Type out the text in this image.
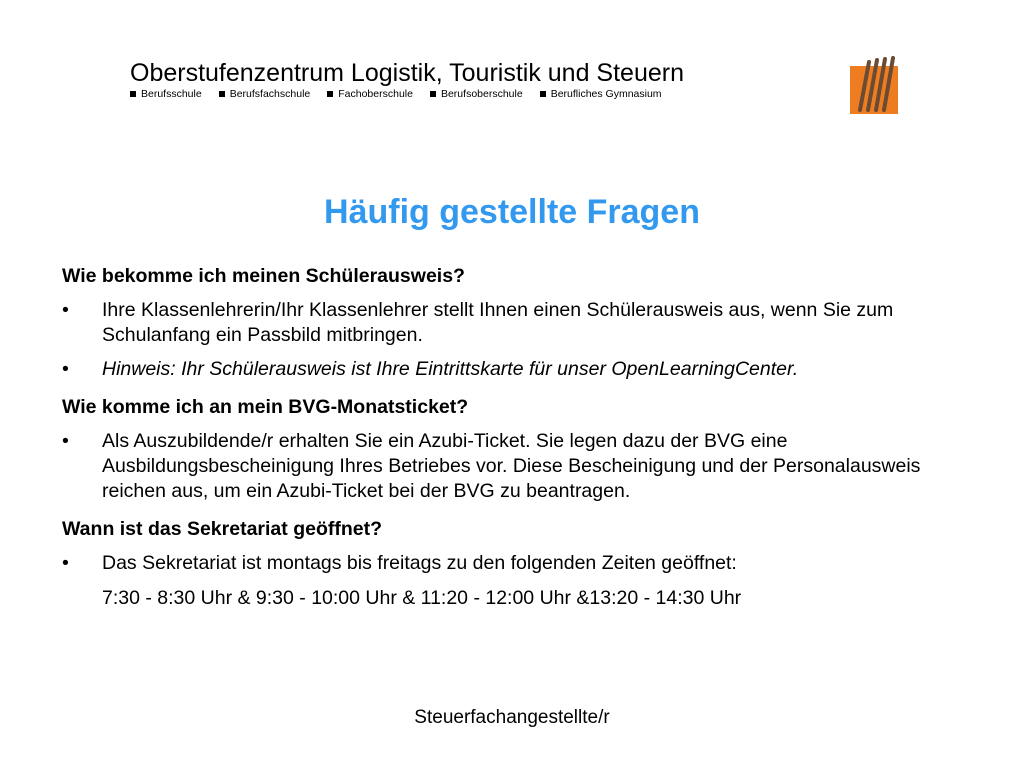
Oberstufenzentrum Logistik, Touristik und Steuern
Berufsschule	Berufsfachschule	Fachoberschule	Berufsoberschule	Berufliches Gymnasium
Häufig gestellte Fragen

Wie bekomme ich meinen Schülerausweis?

•	Ihre Klassenlehrerin/Ihr Klassenlehrer stellt Ihnen einen Schülerausweis aus, wenn Sie zum Schulanfang ein Passbild mitbringen.
•	Hinweis: Ihr Schülerausweis ist Ihre Eintrittskarte für unser OpenLearningCenter.

Wie komme ich an mein BVG-Monatsticket?

•	Als Auszubildende/r erhalten Sie ein Azubi-Ticket. Sie legen dazu der BVG eine Ausbildungsbescheinigung Ihres Betriebes vor. Diese Bescheinigung und der Personalausweis reichen aus, um ein Azubi-Ticket bei der BVG zu beantragen.

Wann ist das Sekretariat geöffnet?

•	Das Sekretariat ist montags bis freitags zu den folgenden Zeiten geöffnet:
7:30 - 8:30 Uhr & 9:30 - 10:00 Uhr & 11:20 - 12:00 Uhr &13:20 - 14:30 Uhr
Steuerfachangestellte/r
